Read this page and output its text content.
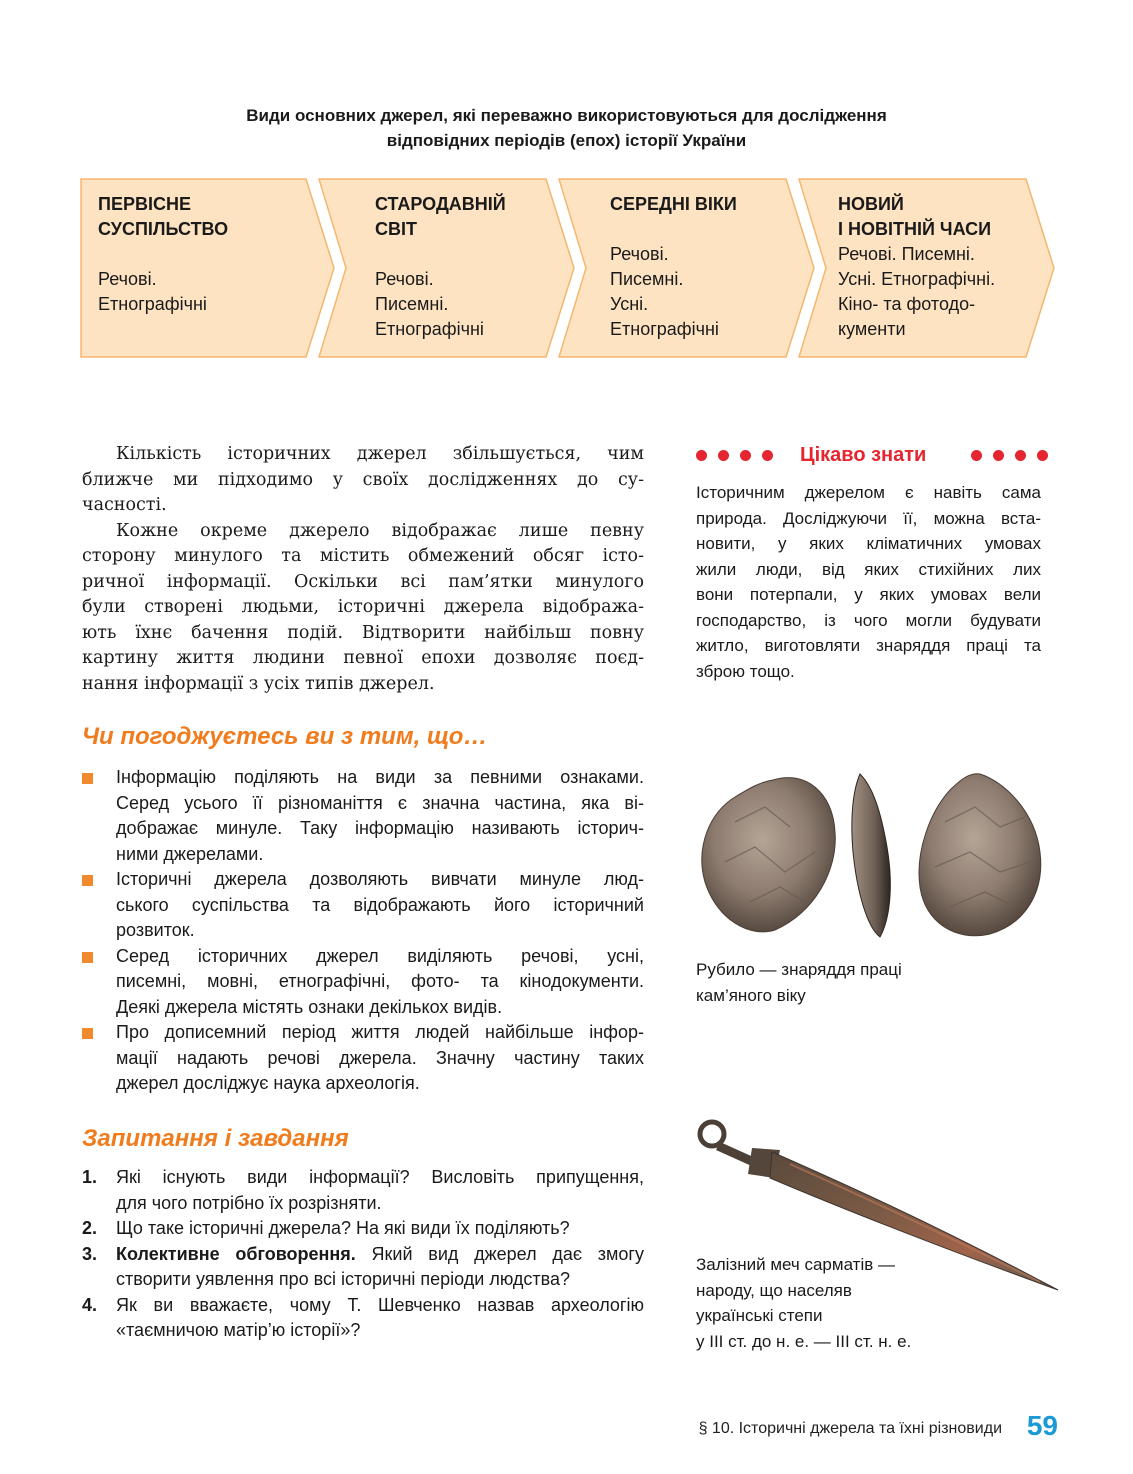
Види основних джерел, які переважно використовуються для дослідження
відповідних періодів (епох) історії України
ПЕРВІСНЕ
СУСПІЛЬСТВО
Речові.
Етнографічні
СТАРОДАВНІЙ
СВІТ
Речові.
Писемні.
Етнографічні
СЕРЕДНІ ВІКИ
Речові.
Писемні.
Усні.
Етнографічні
НОВИЙ
І НОВІТНІЙ ЧАСИ
Речові. Писемні.
Усні. Етнографічні.
Кіно- та фотодо-
кументи
Кількість історичних джерел збільшується, чим
ближче ми підходимо у своїх дослідженнях до су-
часності.
Кожне окреме джерело відображає лише певну
сторону минулого та містить обмежений обсяг істо-
ричної інформації. Оскільки всі пам’ятки минулого
були створені людьми, історичні джерела відобража-
ють їхнє бачення подій. Відтворити найбільш повну
картину життя людини певної епохи дозволяє поєд-
нання інформації з усіх типів джерел.
Чи погоджуєтесь ви з тим, що…
Інформацію поділяють на види за певними ознаками.
Серед усього її різноманіття є значна частина, яка ві-
дображає минуле. Таку інформацію називають історич-
ними джерелами.
Історичні джерела дозволяють вивчати минуле люд-
ського суспільства та відображають його історичний
розвиток.
Серед історичних джерел виділяють речові, усні,
писемні, мовні, етнографічні, фото- та кінодокументи.
Деякі джерела містять ознаки декількох видів.
Про дописемний період життя людей найбільше інфор-
мації надають речові джерела. Значну частину таких
джерел досліджує наука археологія.
Запитання і завдання
1. Які існують види інформації? Висловіть припущення,
для чого потрібно їх розрізняти.
2. Що таке історичні джерела? На які види їх поділяють?
3. Колективне обговорення. Який вид джерел дає змогу
створити уявлення про всі історичні періоди людства?
4. Як ви вважаєте, чому Т. Шевченко назвав археологію
«таємничою матір’ю історії»?
Цікаво знати
Історичним джерелом є навіть сама
природа. Досліджуючи її, можна вста-
новити, у яких кліматичних умовах
жили люди, від яких стихійних лих
вони потерпали, у яких умовах вели
господарство, із чого могли будувати
житло, виготовляти знаряддя праці та
зброю тощо.
Рубило — знаряддя праці
кам’яного віку
Залізний меч сарматів —
народу, що населяв
українські степи
у ІІІ ст. до н. е. — ІІІ ст. н. е.
§ 10. Історичні джерела та їхні різновиди 59
